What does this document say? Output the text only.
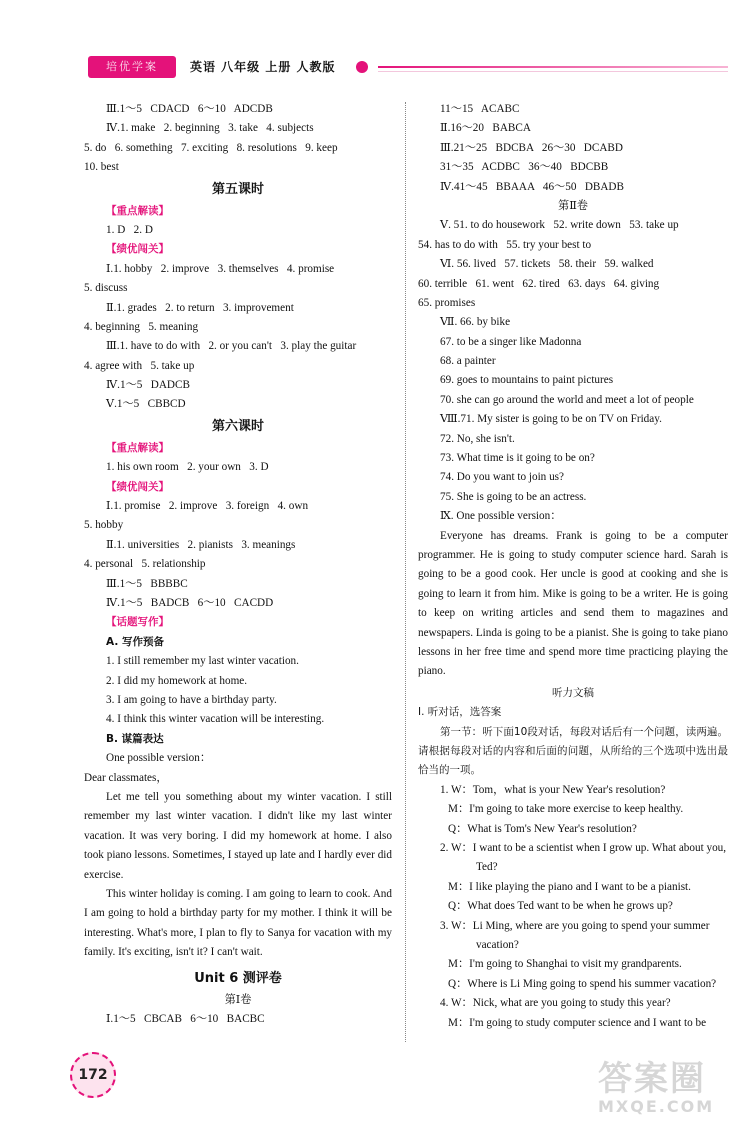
培优学案	英语 八年级 上册 人教版
Ⅲ.1～5   CDACD   6～10   ADCDB
Ⅳ.1. make   2. beginning   3. take   4. subjects
5. do   6. something   7. exciting   8. resolutions   9. keep
10. best
第五课时
【重点解读】
1. D   2. D
【绩优闯关】
Ⅰ.1. hobby   2. improve   3. themselves   4. promise
5. discuss
Ⅱ.1. grades   2. to return   3. improvement
4. beginning   5. meaning
Ⅲ.1. have to do with   2. or you can't   3. play the guitar
4. agree with   5. take up
Ⅳ.1～5   DADCB
Ⅴ.1～5   CBBCD
第六课时
【重点解读】
1. his own room   2. your own   3. D
【绩优闯关】
Ⅰ.1. promise   2. improve   3. foreign   4. own
5. hobby
Ⅱ.1. universities   2. pianists   3. meanings
4. personal   5. relationship
Ⅲ.1～5   BBBBC
Ⅳ.1～5   BADCB   6～10   CACDD
【话题写作】
A. 写作预备
1. I still remember my last winter vacation.
2. I did my homework at home.
3. I am going to have a birthday party.
4. I think this winter vacation will be interesting.
B. 谋篇表达
One possible version：
Dear classmates，
Let me tell you something about my winter vacation. I still remember my last winter vacation. I didn't like my last winter vacation. It was very boring. I did my homework at home. I also took piano lessons. Sometimes, I stayed up late and I hardly ever did exercise.
This winter holiday is coming. I am going to learn to cook. And I am going to hold a birthday party for my mother. I think it will be interesting. What's more, I plan to fly to Sanya for vacation with my family. It's exciting, isn't it? I can't wait.
Unit 6 测评卷
第Ⅰ卷
Ⅰ.1～5   CBCAB   6～10   BACBC
11～15   ACABC
Ⅱ.16～20   BABCA
Ⅲ.21～25   BDCBA   26～30   DCABD
31～35   ACDBC   36～40   BDCBB
Ⅳ.41～45   BBAAA   46～50   DBADB
第Ⅱ卷
Ⅴ. 51. to do housework   52. write down   53. take up
54. has to do with   55. try your best to
Ⅵ. 56. lived   57. tickets   58. their   59. walked
60. terrible   61. went   62. tired   63. days   64. giving
65. promises
Ⅶ. 66. by bike
67. to be a singer like Madonna
68. a painter
69. goes to mountains to paint pictures
70. she can go around the world and meet a lot of people
Ⅷ.71. My sister is going to be on TV on Friday.
72. No, she isn't.
73. What time is it going to be on?
74. Do you want to join us?
75. She is going to be an actress.
Ⅸ. One possible version：
Everyone has dreams. Frank is going to be a computer programmer. He is going to study computer science hard. Sarah is going to be a good cook. Her uncle is good at cooking and she is going to learn it from him. Mike is going to be a writer. He is going to keep on writing articles and send them to magazines and newspapers. Linda is going to be a pianist. She is going to take piano lessons in her free time and spend more time practicing playing the piano.
听力文稿
Ⅰ. 听对话，选答案
第一节：听下面10段对话，每段对话后有一个问题，读两遍。请根据每段对话的内容和后面的问题，从所给的三个选项中选出最恰当的一项。
1. W：Tom，what is your New Year's resolution?
M：I'm going to take more exercise to keep healthy.
Q：What is Tom's New Year's resolution?
2. W：I want to be a scientist when I grow up. What about you, Ted?
M：I like playing the piano and I want to be a pianist.
Q：What does Ted want to be when he grows up?
3. W：Li Ming, where are you going to spend your summer vacation?
M：I'm going to Shanghai to visit my grandparents.
Q：Where is Li Ming going to spend his summer vacation?
4. W：Nick, what are you going to study this year?
M：I'm going to study computer science and I want to be
172	答案圈
MXQE.COM
